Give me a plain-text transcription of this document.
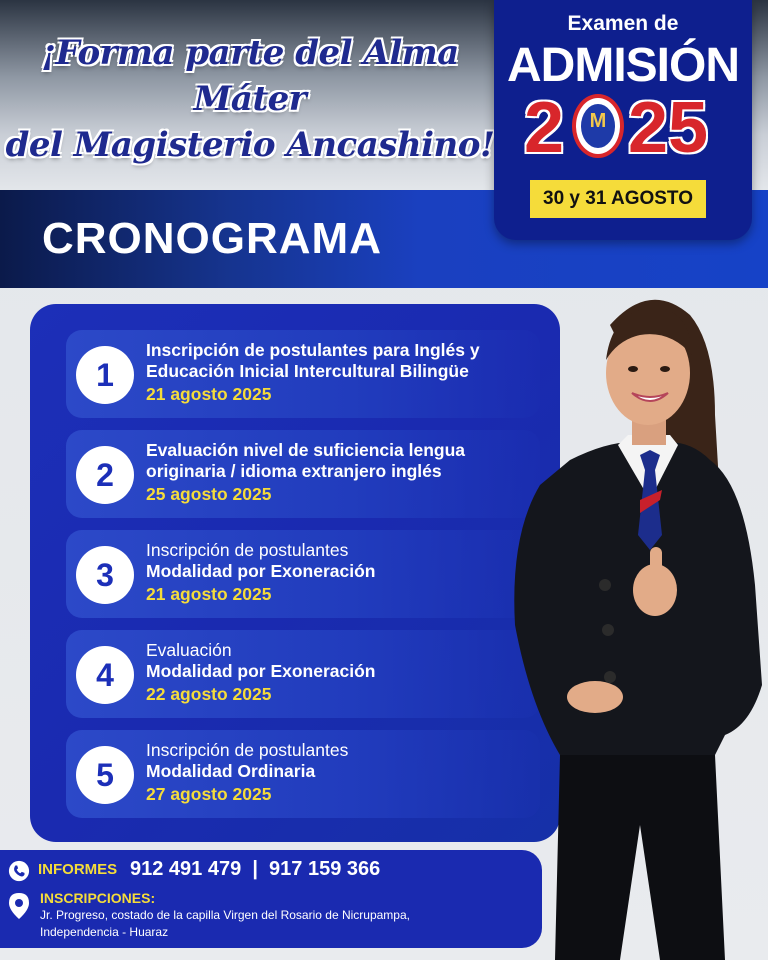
¡Forma parte del Alma Máter
del Magisterio Ancashino!
CRONOGRAMA
Examen de
ADMISIÓN
2	M 25
30 y 31 AGOSTO
1
Inscripción de postulantes para Inglés y
Educación Inicial Intercultural Bilingüe
21 agosto 2025
2
Evaluación nivel de suficiencia lengua
originaria / idioma extranjero inglés
25 agosto 2025
3
Inscripción de postulantes
Modalidad por Exoneración
21 agosto 2025
4
Evaluación
Modalidad por Exoneración
22 agosto 2025
5
Inscripción de postulantes
Modalidad Ordinaria
27 agosto 2025
INFORMES 912 491 479  |  917 159 366
INSCRIPCIONES:
Jr. Progreso, costado de la capilla Virgen del Rosario de Nicrupampa,
Independencia - Huaraz
